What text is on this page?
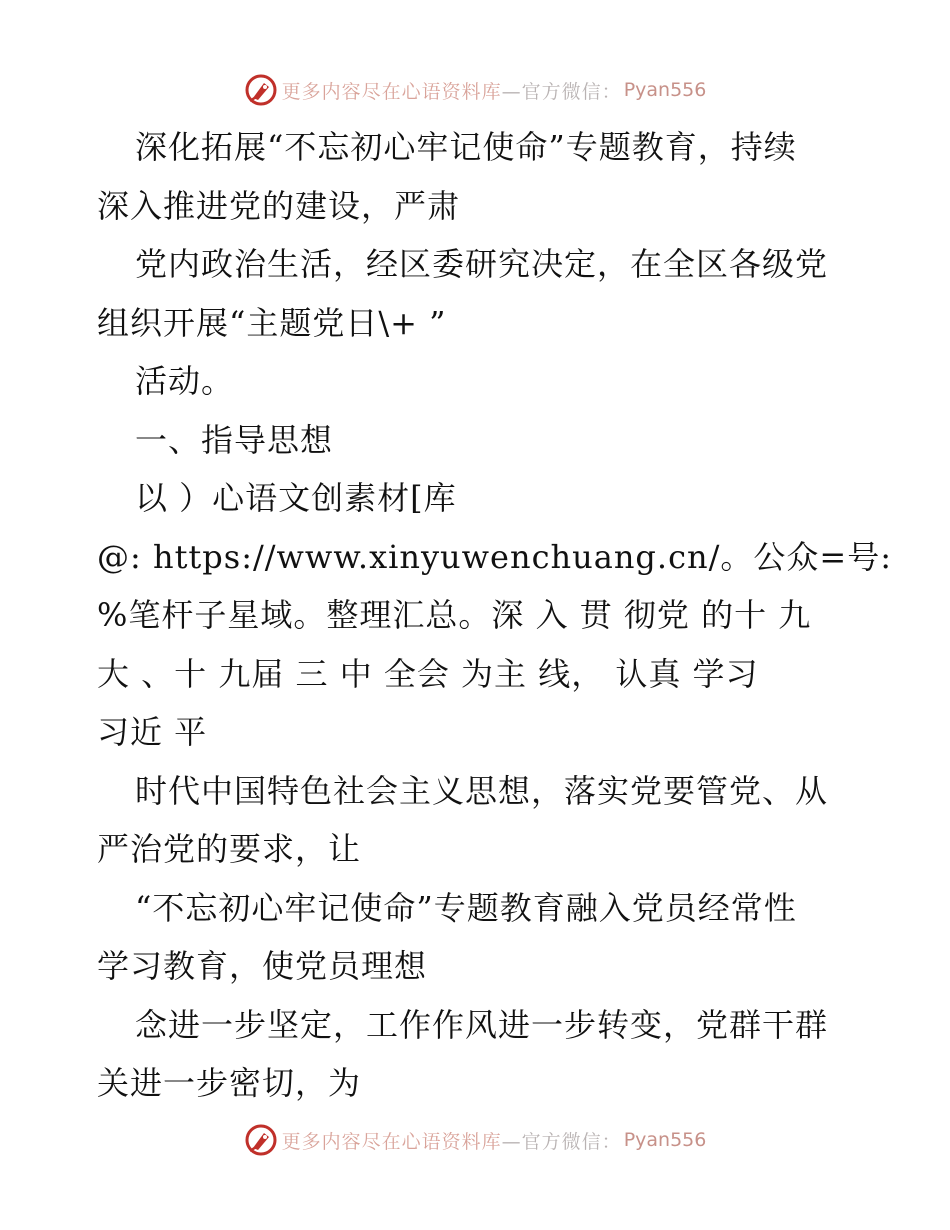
更多内容尽在心语资料库 —官方微信： Pyan556
深化拓展“不忘初心牢记使命”专题教育，持续
深入推进党的建设，严肃
党内政治生活，经区委研究决定，在全区各级党
组织开展“主题党日\+ ”
活动。
一、指导思想
以 ）心语文创素材[库
@: https://www.xinyuwenchuang.cn/。公众=号:
%笔杆子星域。整理汇总。深 入 贯 彻党 的十 九
大 、十 九届 三 中 全会 为主 线， 认真 学习
习近 平
时代中国特色社会主义思想，落实党要管党、从
严治党的要求，让
“不忘初心牢记使命”专题教育融入党员经常性
学习教育，使党员理想
念进一步坚定，工作作风进一步转变，党群干群
关进一步密切，为
更多内容尽在心语资料库 —官方微信： Pyan556
